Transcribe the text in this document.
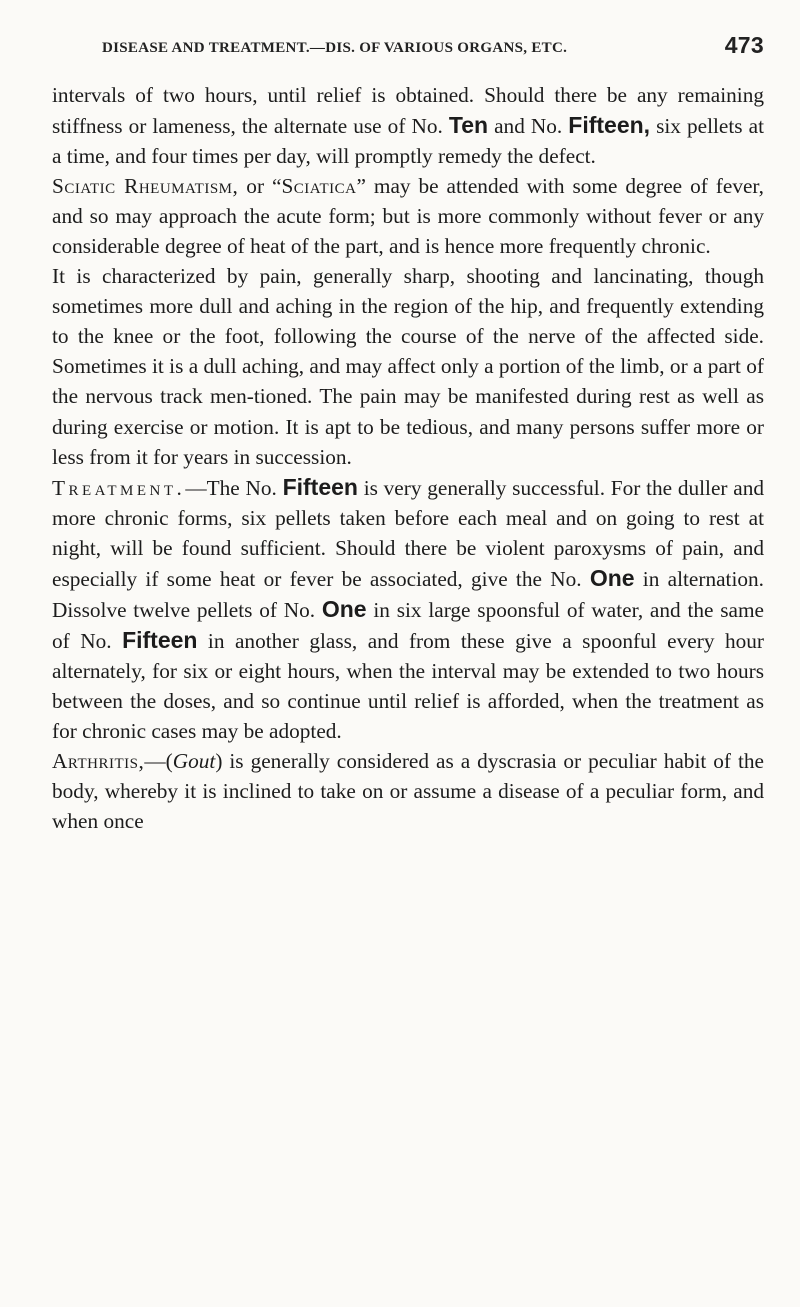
DISEASE AND TREATMENT.—DIS. OF VARIOUS ORGANS, ETC.	473

intervals of two hours, until relief is obtained. Should there be any remaining stiffness or lameness, the alternate use of No. Ten and No. Fifteen, six pellets at a time, and four times per day, will promptly remedy the defect.

Sciatic Rheumatism, or “Sciatica” may be attended with some degree of fever, and so may approach the acute form; but is more commonly without fever or any considerable degree of heat of the part, and is hence more frequently chronic.

It is characterized by pain, generally sharp, shooting and lancinating, though sometimes more dull and aching in the region of the hip, and frequently extending to the knee or the foot, following the course of the nerve of the affected side. Sometimes it is a dull aching, and may affect only a portion of the limb, or a part of the nervous track men-tioned. The pain may be manifested during rest as well as during exercise or motion. It is apt to be tedious, and many persons suffer more or less from it for years in succession.

Treatment.—The No. Fifteen is very generally successful. For the duller and more chronic forms, six pellets taken before each meal and on going to rest at night, will be found sufficient. Should there be violent paroxysms of pain, and especially if some heat or fever be associated, give the No. One in alternation. Dissolve twelve pellets of No. One in six large spoonsful of water, and the same of No. Fifteen in another glass, and from these give a spoonful every hour alternately, for six or eight hours, when the interval may be extended to two hours between the doses, and so continue until relief is afforded, when the treatment as for chronic cases may be adopted.

Arthritis,—(Gout) is generally considered as a dyscrasia or peculiar habit of the body, whereby it is inclined to take on or assume a disease of a peculiar form, and when once
